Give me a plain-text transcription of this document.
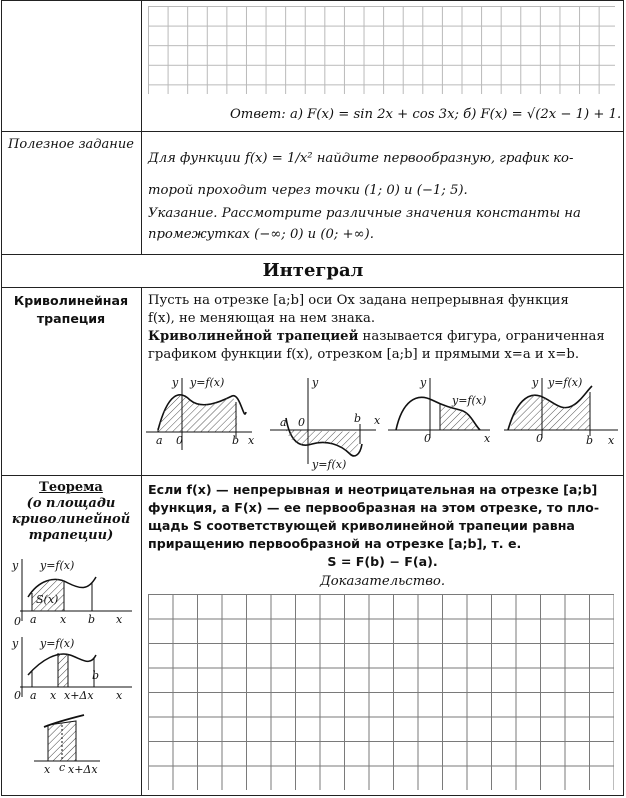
Ответ: а) F(x) = sin 2x + cos 3x; б) F(x) = √(2x − 1) + 1.
Полезное задание
Для функции f(x) = 1/x² найдите первообразную, график ко-
торой проходит через точки (1; 0) и (−1; 5).
Указание. Рассмотрите различные значения константы на
промежутках (−∞; 0) и (0; +∞).
Интеграл
Криволинейная
трапеция
Пусть на отрезке [a;b] оси Ox задана непрерывная функция
f(x), не меняющая на нем знака.
Криволинейной трапецией называется фигура, ограниченная
графиком функции f(x), отрезком [a;b] и прямыми x=a и x=b.
y y=f(x)
a 0	b x
a 0	b x
y
y=f(x)
y
y=f(x)
0	x
y y=f(x)
0	b x
Теорема
(о площади
криволинейной
трапеции)
y y=f(x)
S(x)
0 a x b x
y y=f(x)
0 a x x+Δx
b
x
x c x+Δx
Если f(x) — непрерывная и неотрицательная на отрезке [a;b]
функция, а F(x) — ее первообразная на этом отрезке, то пло-
щадь S соответствующей криволинейной трапеции равна
приращению первообразной на отрезке [a;b], т. е.
S = F(b) − F(a).
Доказательство.
